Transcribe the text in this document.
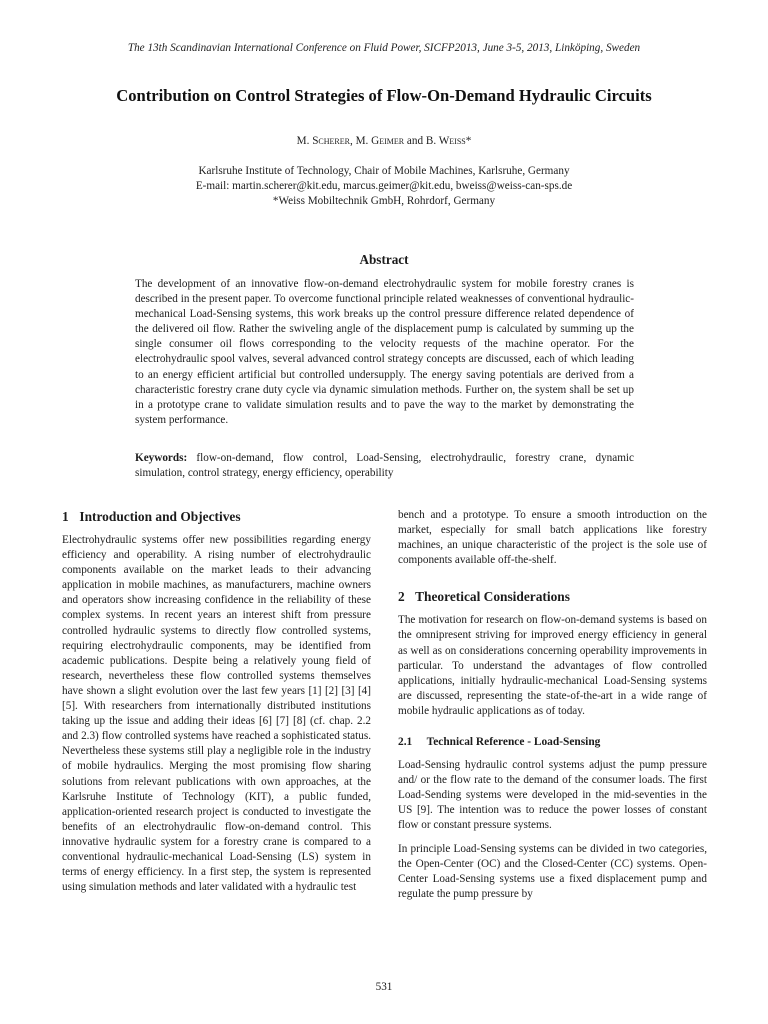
The 13th Scandinavian International Conference on Fluid Power, SICFP2013, June 3-5, 2013, Linköping, Sweden
Contribution on Control Strategies of Flow-On-Demand Hydraulic Circuits
M. Scherer, M. Geimer and B. Weiss*
Karlsruhe Institute of Technology, Chair of Mobile Machines, Karlsruhe, Germany
E-mail: martin.scherer@kit.edu, marcus.geimer@kit.edu, bweiss@weiss-can-sps.de
*Weiss Mobiltechnik GmbH, Rohrdorf, Germany
Abstract
The development of an innovative flow-on-demand electrohydraulic system for mobile forestry cranes is described in the present paper. To overcome functional principle related weaknesses of conventional hydraulic-mechanical Load-Sensing systems, this work breaks up the control pressure difference related dependence of the delivered oil flow. Rather the swiveling angle of the displacement pump is calculated by summing up the single consumer oil flows corresponding to the velocity requests of the machine operator. For the electrohydraulic spool valves, several advanced control strategy concepts are discussed, each of which leading to an energy efficient artificial but controlled undersupply. The energy saving potentials are derived from a characteristic forestry crane duty cycle via dynamic simulation methods. Further on, the system shall be set up in a prototype crane to validate simulation results and to pave the way to the market by demonstrating the system performance.
Keywords: flow-on-demand, flow control, Load-Sensing, electrohydraulic, forestry crane, dynamic simulation, control strategy, energy efficiency, operability
1 Introduction and Objectives

Electrohydraulic systems offer new possibilities regarding energy efficiency and operability. A rising number of electrohydraulic components available on the market leads to their advancing application in mobile machines, as manufacturers, machine owners and operators show increasing confidence in the reliability of these complex systems. In recent years an interest shift from pressure controlled hydraulic systems to directly flow controlled systems, requiring electrohydraulic components, may be identified from academic publications. Despite being a relatively young field of research, nevertheless these flow controlled systems themselves have shown a slight evolution over the last few years [1] [2] [3] [4] [5]. With researchers from internationally distributed institutions taking up the issue and adding their ideas [6] [7] [8] (cf. chap. 2.2 and 2.3) flow controlled systems have reached a sophisticated status. Nevertheless these systems still play a negligible role in the industry of mobile hydraulics. Merging the most promising flow sharing solutions from relevant publications with own approaches, at the Karlsruhe Institute of Technology (KIT), a public funded, application-oriented research project is conducted to investigate the benefits of an electrohydraulic flow-on-demand control. This innovative hydraulic system for a forestry crane is compared to a conventional hydraulic-mechanical Load-Sensing (LS) system in terms of energy efficiency. In a first step, the system is represented using simulation methods and later validated with a hydraulic test

bench and a prototype. To ensure a smooth introduction on the market, especially for small batch applications like forestry machines, an unique characteristic of the project is the sole use of components available off-the-shelf.

2 Theoretical Considerations

The motivation for research on flow-on-demand systems is based on the omnipresent striving for improved energy efficiency in general as well as on considerations concerning operability improvements in particular. To understand the advantages of flow controlled applications, initially hydraulic-mechanical Load-Sensing systems are discussed, representing the state-of-the-art in a wide range of mobile hydraulic applications as of today.

2.1 Technical Reference - Load-Sensing

Load-Sensing hydraulic control systems adjust the pump pressure and/ or the flow rate to the demand of the consumer loads. The first Load-Sending systems were developed in the mid-seventies in the US [9]. The intention was to reduce the power losses of constant flow or constant pressure systems.

In principle Load-Sensing systems can be divided in two categories, the Open-Center (OC) and the Closed-Center (CC) systems. Open-Center Load-Sensing systems use a fixed displacement pump and regulate the pump pressure by

531
